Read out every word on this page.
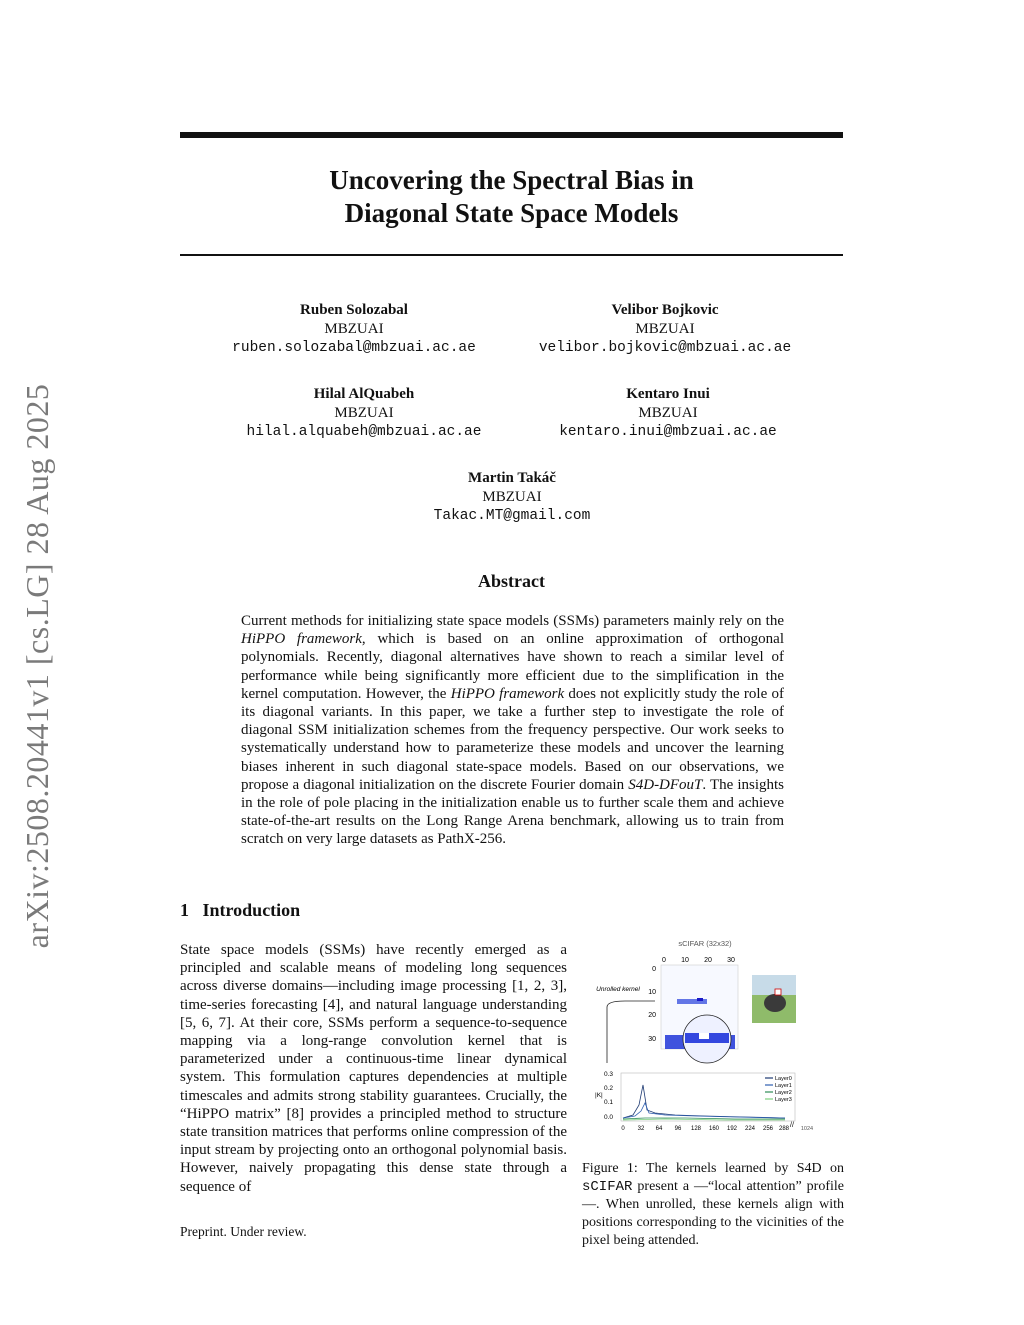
arXiv:2508.20441v1 [cs.LG] 28 Aug 2025
Uncovering the Spectral Bias in
Diagonal State Space Models
Ruben Solozabal
MBZUAI
ruben.solozabal@mbzuai.ac.ae
Velibor Bojkovic
MBZUAI
velibor.bojkovic@mbzuai.ac.ae
Hilal AlQuabeh
MBZUAI
hilal.alquabeh@mbzuai.ac.ae
Kentaro Inui
MBZUAI
kentaro.inui@mbzuai.ac.ae
Martin Takáč
MBZUAI
Takac.MT@gmail.com
Abstract
Current methods for initializing state space models (SSMs) parameters mainly rely on the HiPPO framework, which is based on an online approximation of orthogonal polynomials. Recently, diagonal alternatives have shown to reach a similar level of performance while being significantly more efficient due to the simplification in the kernel computation. However, the HiPPO framework does not explicitly study the role of its diagonal variants. In this paper, we take a further step to investigate the role of diagonal SSM initialization schemes from the frequency perspective. Our work seeks to systematically understand how to parameterize these models and uncover the learning biases inherent in such diagonal state-space models. Based on our observations, we propose a diagonal initialization on the discrete Fourier domain S4D-DFouT. The insights in the role of pole placing in the initialization enable us to further scale them and achieve state-of-the-art results on the Long Range Arena benchmark, allowing us to train from scratch on very large datasets as PathX-256.
1   Introduction
State space models (SSMs) have recently emerged as a principled and scalable means of modeling long sequences across diverse domains—including image processing [1, 2, 3], time-series forecasting [4], and natural language understanding [5, 6, 7]. At their core, SSMs perform a sequence-to-sequence mapping via a long-range convolution kernel that is parameterized under a continuous-time linear dynamical system. This formulation captures dependencies at multiple timescales and admits strong stability guarantees. Crucially, the “HiPPO matrix” [8] provides a principled method to structure state transition matrices that performs online compression of the input stream by projecting onto an orthogonal polynomial basis. However, naively propagating this dense state through a sequence of
Preprint. Under review.
sCIFAR (32x32)
0 10 20 30
0
10
20
30
Unrolled kernel
0.3
0.2
0.1
0.0
|K|
Layer0
Layer1
Layer2
Layer3
0 32 64 96 128 160 192 224 256 288 1024
//
Figure 1: The kernels learned by S4D on sCIFAR present a —“local attention” profile—. When unrolled, these kernels align with positions corresponding to the vicinities of the pixel being attended.
